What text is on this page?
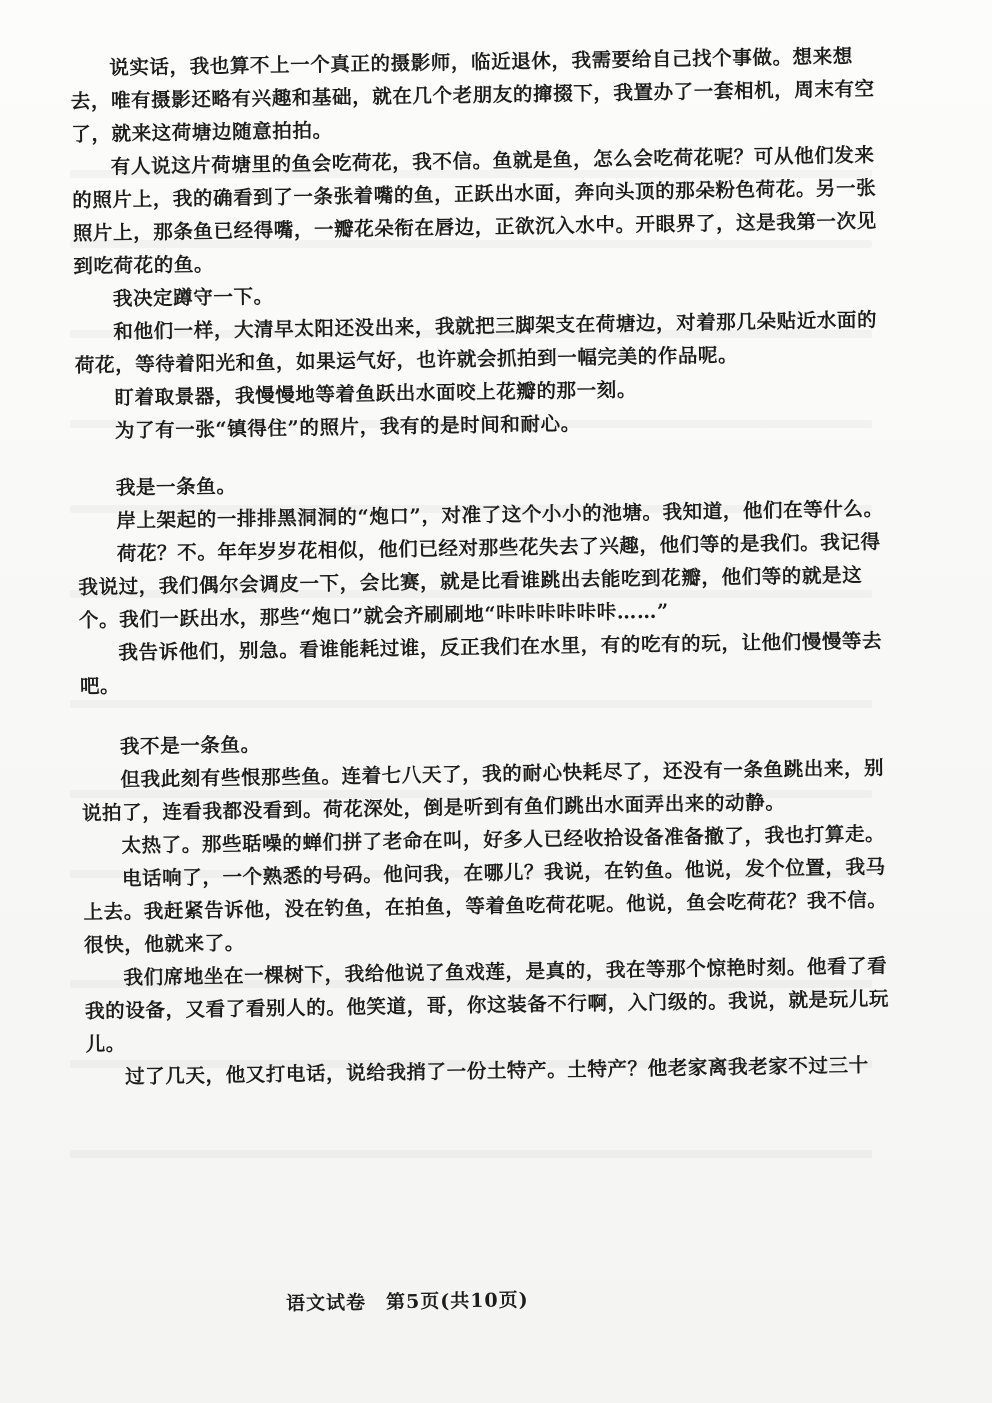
说实话，我也算不上一个真正的摄影师，临近退休，我需要给自己找个事做。想来想去，唯有摄影还略有兴趣和基础，就在几个老朋友的撺掇下，我置办了一套相机，周末有空了，就来这荷塘边随意拍拍。

有人说这片荷塘里的鱼会吃荷花，我不信。鱼就是鱼，怎么会吃荷花呢？可从他们发来的照片上，我的确看到了一条张着嘴的鱼，正跃出水面，奔向头顶的那朵粉色荷花。另一张照片上，那条鱼已经得嘴，一瓣花朵衔在唇边，正欲沉入水中。开眼界了，这是我第一次见到吃荷花的鱼。

我决定蹲守一下。

和他们一样，大清早太阳还没出来，我就把三脚架支在荷塘边，对着那几朵贴近水面的荷花，等待着阳光和鱼，如果运气好，也许就会抓拍到一幅完美的作品呢。

盯着取景器，我慢慢地等着鱼跃出水面咬上花瓣的那一刻。

为了有一张“镇得住”的照片，我有的是时间和耐心。

我是一条鱼。

岸上架起的一排排黑洞洞的“炮口”，对准了这个小小的池塘。我知道，他们在等什么。

荷花？不。年年岁岁花相似，他们已经对那些花失去了兴趣，他们等的是我们。我记得我说过，我们偶尔会调皮一下，会比赛，就是比看谁跳出去能吃到花瓣，他们等的就是这个。我们一跃出水，那些“炮口”就会齐刷刷地“咔咔咔咔咔咔……”

我告诉他们，别急。看谁能耗过谁，反正我们在水里，有的吃有的玩，让他们慢慢等去吧。

我不是一条鱼。

但我此刻有些恨那些鱼。连着七八天了，我的耐心快耗尽了，还没有一条鱼跳出来，别说拍了，连看我都没看到。荷花深处，倒是听到有鱼们跳出水面弄出来的动静。

太热了。那些聒噪的蝉们拼了老命在叫，好多人已经收拾设备准备撤了，我也打算走。

电话响了，一个熟悉的号码。他问我，在哪儿？我说，在钓鱼。他说，发个位置，我马上去。我赶紧告诉他，没在钓鱼，在拍鱼，等着鱼吃荷花呢。他说，鱼会吃荷花？我不信。很快，他就来了。

我们席地坐在一棵树下，我给他说了鱼戏莲，是真的，我在等那个惊艳时刻。他看了看我的设备，又看了看别人的。他笑道，哥，你这装备不行啊，入门级的。我说，就是玩儿玩儿。

过了几天，他又打电话，说给我捎了一份土特产。土特产？他老家离我老家不过三十

语文试卷　第5页(共10页)
